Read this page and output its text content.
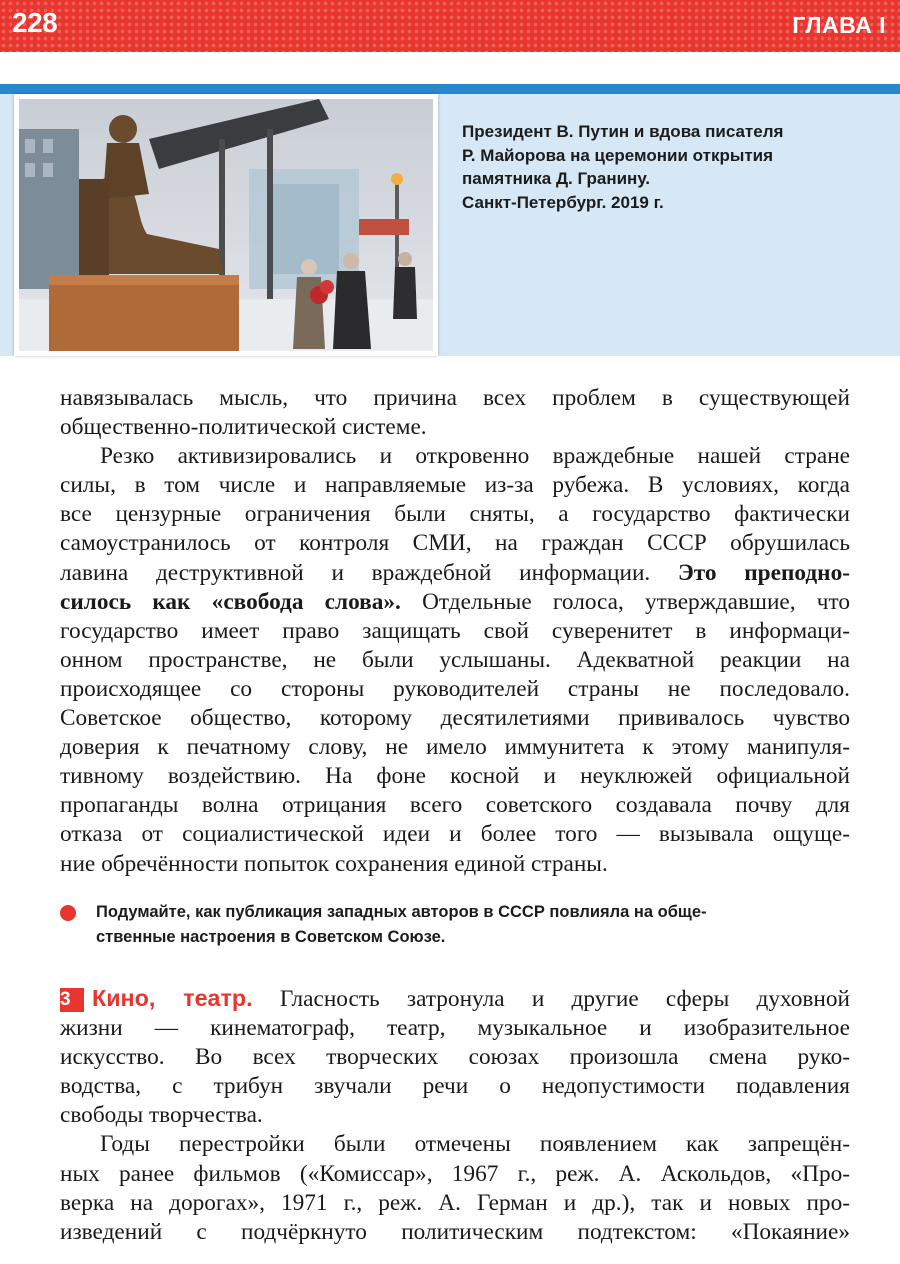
228	ГЛАВА I
Президент В. Путин и вдова писателя
Р. Майорова на церемонии открытия
памятника Д. Гранину.
Санкт-Петербург. 2019 г.
навязывалась мысль, что причина всех проблем в существующей
общественно-политической системе.
Резко активизировались и откровенно враждебные нашей стране
силы, в том числе и направляемые из-за рубежа. В условиях, когда
все цензурные ограничения были сняты, а государство фактически
самоустранилось от контроля СМИ, на граждан СССР обрушилась
лавина деструктивной и враждебной информации. Это преподно-
силось как «свобода слова». Отдельные голоса, утверждавшие, что
государство имеет право защищать свой суверенитет в информаци-
онном пространстве, не были услышаны. Адекватной реакции на
происходящее со стороны руководителей страны не последовало.
Советское общество, которому десятилетиями прививалось чувство
доверия к печатному слову, не имело иммунитета к этому манипуля-
тивному воздействию. На фоне косной и неуклюжей официальной
пропаганды волна отрицания всего советского создавала почву для
отказа от социалистической идеи и более того — вызывала ощуще-
ние обречённости попыток сохранения единой страны.
Подумайте, как публикация западных авторов в СССР повлияла на обще-
ственные настроения в Советском Союзе.
3 Кино, театр. Гласность затронула и другие сферы духовной
жизни — кинематограф, театр, музыкальное и изобразительное
искусство. Во всех творческих союзах произошла смена руко-
водства, с трибун звучали речи о недопустимости подавления
свободы творчества.
Годы перестройки были отмечены появлением как запрещён-
ных ранее фильмов («Комиссар», 1967 г., реж. А. Аскольдов, «Про-
верка на дорогах», 1971 г., реж. А. Герман и др.), так и новых про-
изведений с подчёркнуто политическим подтекстом: «Покаяние»
